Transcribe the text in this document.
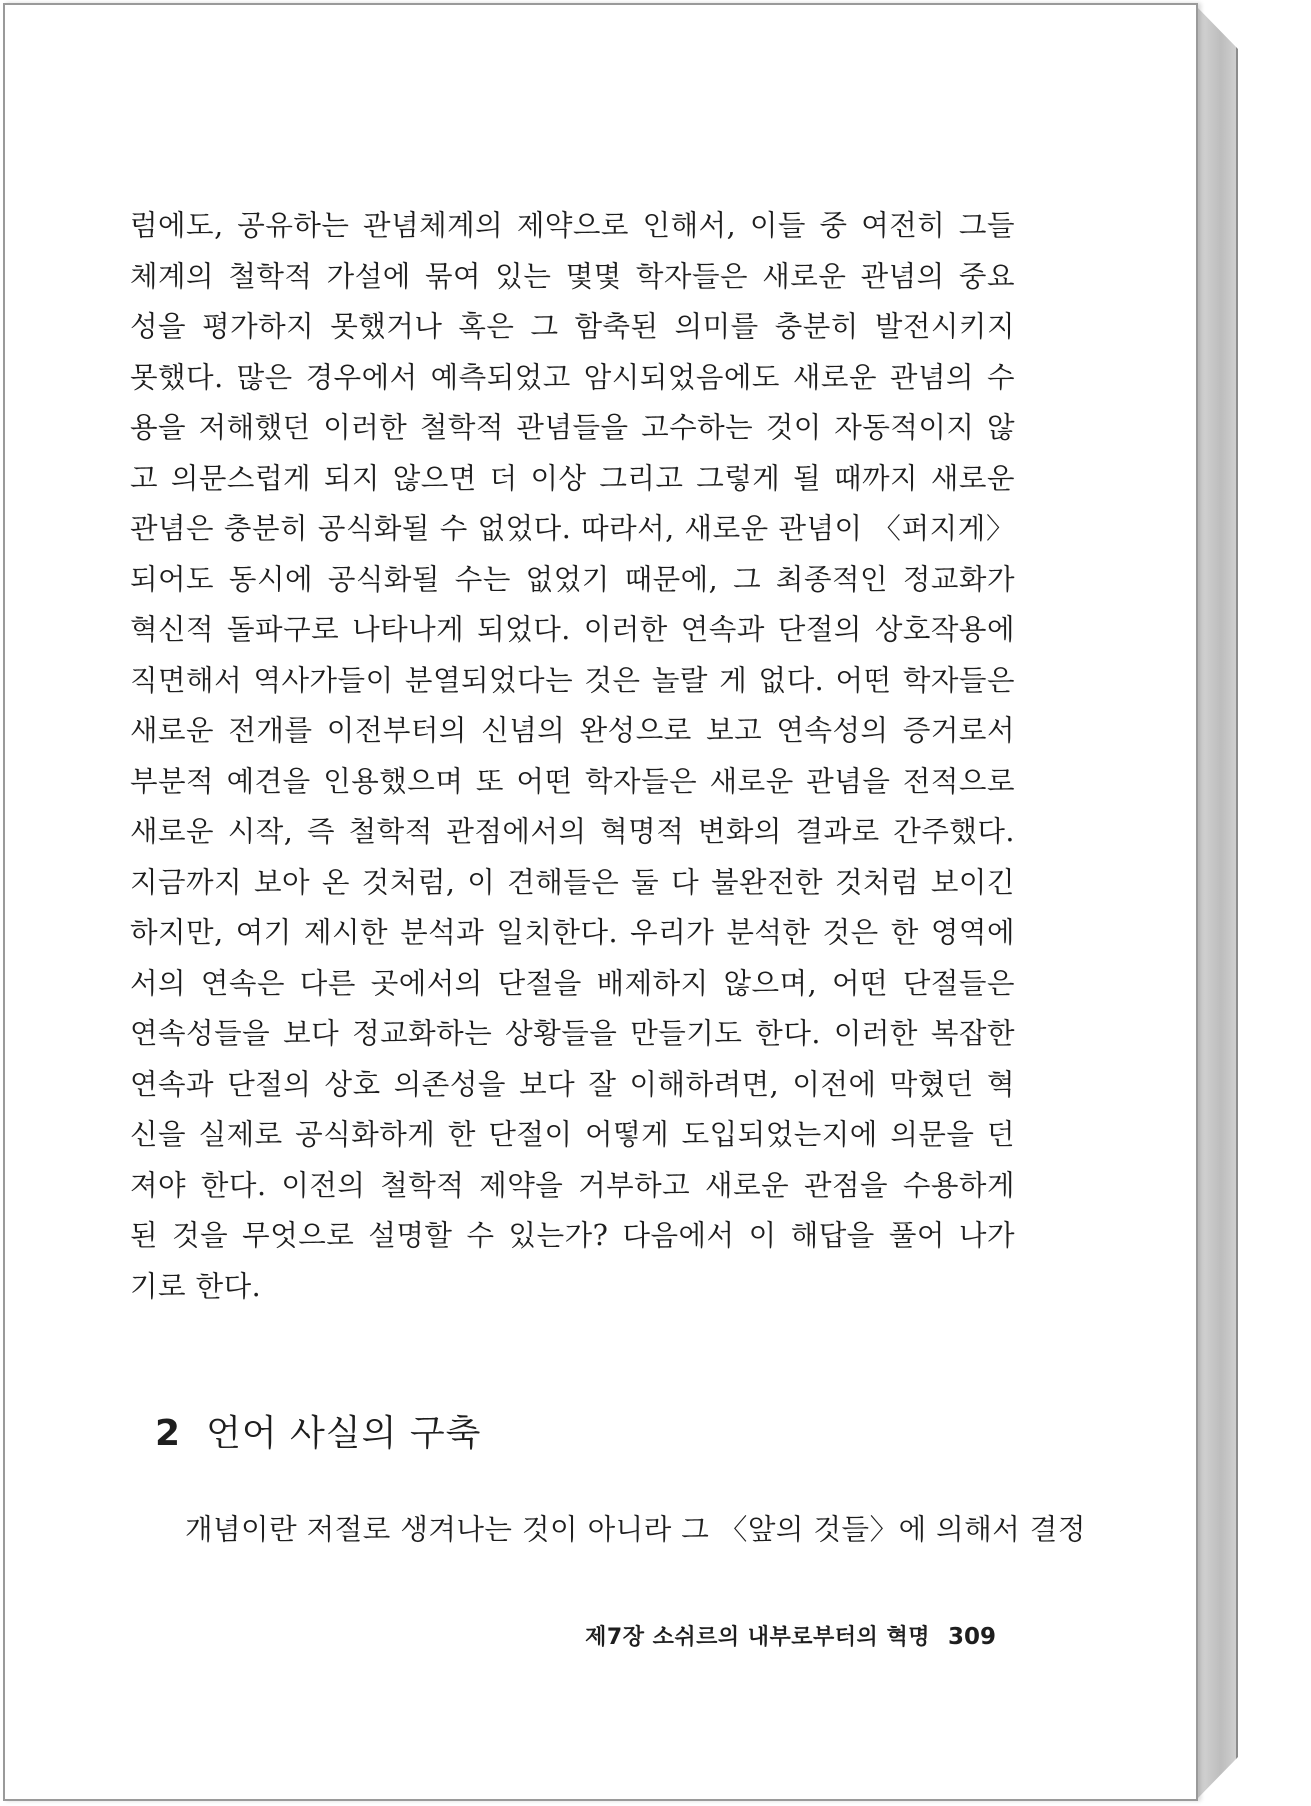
럼에도, 공유하는 관념체계의 제약으로 인해서, 이들 중 여전히 그들
체계의 철학적 가설에 묶여 있는 몇몇 학자들은 새로운 관념의 중요
성을 평가하지 못했거나 혹은 그 함축된 의미를 충분히 발전시키지
못했다. 많은 경우에서 예측되었고 암시되었음에도 새로운 관념의 수
용을 저해했던 이러한 철학적 관념들을 고수하는 것이 자동적이지 않
고 의문스럽게 되지 않으면 더 이상 그리고 그렇게 될 때까지 새로운
관념은 충분히 공식화될 수 없었다. 따라서, 새로운 관념이 〈퍼지게〉
되어도 동시에 공식화될 수는 없었기 때문에, 그 최종적인 정교화가
혁신적 돌파구로 나타나게 되었다. 이러한 연속과 단절의 상호작용에
직면해서 역사가들이 분열되었다는 것은 놀랄 게 없다. 어떤 학자들은
새로운 전개를 이전부터의 신념의 완성으로 보고 연속성의 증거로서
부분적 예견을 인용했으며 또 어떤 학자들은 새로운 관념을 전적으로
새로운 시작, 즉 철학적 관점에서의 혁명적 변화의 결과로 간주했다.
지금까지 보아 온 것처럼, 이 견해들은 둘 다 불완전한 것처럼 보이긴
하지만, 여기 제시한 분석과 일치한다. 우리가 분석한 것은 한 영역에
서의 연속은 다른 곳에서의 단절을 배제하지 않으며, 어떤 단절들은
연속성들을 보다 정교화하는 상황들을 만들기도 한다. 이러한 복잡한
연속과 단절의 상호 의존성을 보다 잘 이해하려면, 이전에 막혔던 혁
신을 실제로 공식화하게 한 단절이 어떻게 도입되었는지에 의문을 던
져야 한다. 이전의 철학적 제약을 거부하고 새로운 관점을 수용하게
된 것을 무엇으로 설명할 수 있는가? 다음에서 이 해답을 풀어 나가
기로 한다.
2 언어 사실의 구축

개념이란 저절로 생겨나는 것이 아니라 그 〈앞의 것들〉에 의해서 결정

제7장 소쉬르의 내부로부터의 혁명 309
